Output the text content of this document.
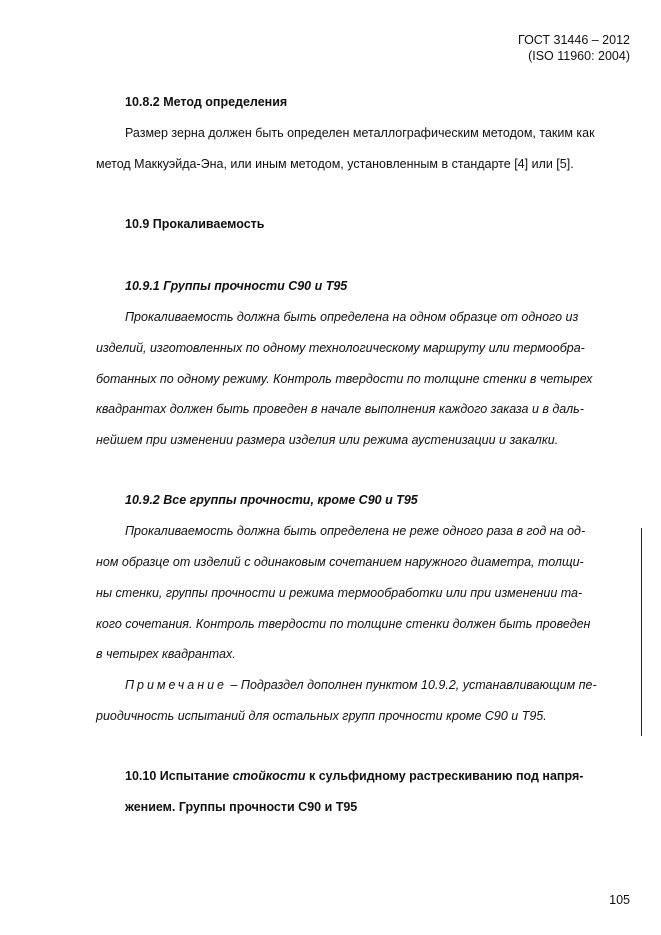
ГОСТ 31446 – 2012
(ISO 11960: 2004)
10.8.2 Метод определения
Размер зерна должен быть определен металлографическим методом, таким как
метод Маккуэйда-Эна, или иным методом, установленным в стандарте [4] или [5].
10.9 Прокаливаемость
10.9.1 Группы прочности С90 и Т95
Прокаливаемость должна быть определена на одном образце от одного из
изделий, изготовленных по одному технологическому маршруту или термообра-
ботанных по одному режиму. Контроль твердости по толщине стенки в четырех
квадрантах должен быть проведен в начале выполнения каждого заказа и в даль-
нейшем при изменении размера изделия или режима аустенизации и закалки.
10.9.2 Все группы прочности, кроме С90 и Т95
Прокаливаемость должна быть определена не реже одного раза в год на од-
ном образце от изделий с одинаковым сочетанием наружного диаметра, толщи-
ны стенки, группы прочности и режима термообработки или при изменении та-
кого сочетания. Контроль твердости по толщине стенки должен быть проведен
в четырех квадрантах.
Примечание – Подраздел дополнен пунктом 10.9.2, устанавливающим пе-
риодичность испытаний для остальных групп прочности кроме С90 и Т95.
10.10 Испытание стойкости к сульфидному растрескиванию под напря-
жением. Группы прочности С90 и Т95
105
